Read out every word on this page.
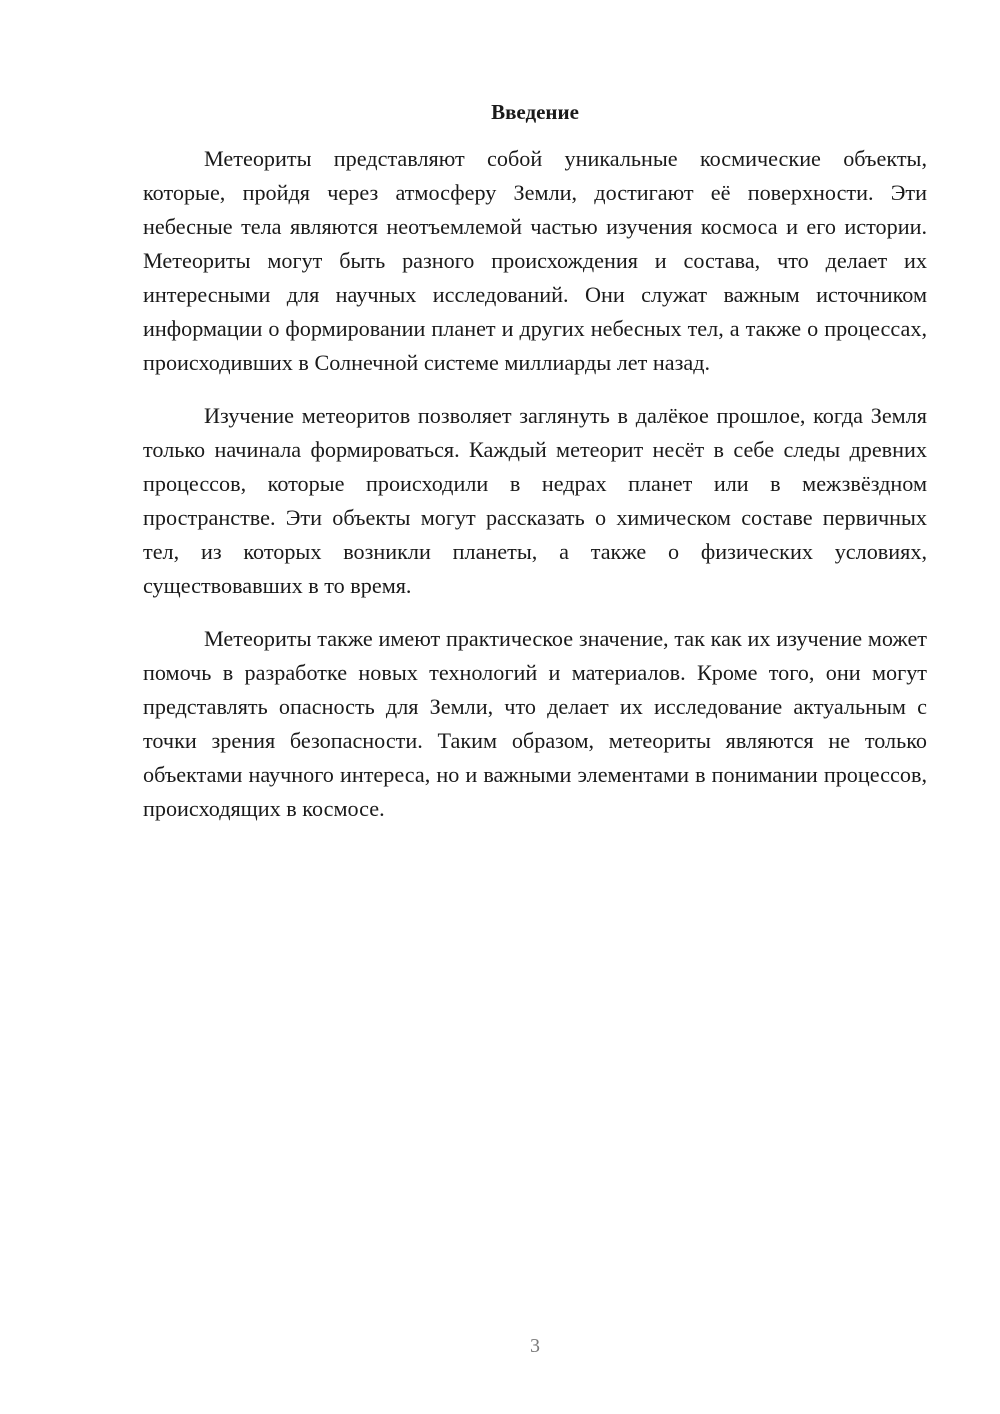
Введение

Метеориты представляют собой уникальные космические объекты, которые, пройдя через атмосферу Земли, достигают её поверхности. Эти небесные тела являются неотъемлемой частью изучения космоса и его истории. Метеориты могут быть разного происхождения и состава, что делает их интересными для научных исследований. Они служат важным источником информации о формировании планет и других небесных тел, а также о процессах, происходивших в Солнечной системе миллиарды лет назад.

Изучение метеоритов позволяет заглянуть в далёкое прошлое, когда Земля только начинала формироваться. Каждый метеорит несёт в себе следы древних процессов, которые происходили в недрах планет или в межзвёздном пространстве. Эти объекты могут рассказать о химическом составе первичных тел, из которых возникли планеты, а также о физических условиях, существовавших в то время.

Метеориты также имеют практическое значение, так как их изучение может помочь в разработке новых технологий и материалов. Кроме того, они могут представлять опасность для Земли, что делает их исследование актуальным с точки зрения безопасности. Таким образом, метеориты являются не только объектами научного интереса, но и важными элементами в понимании процессов, происходящих в космосе.

3
